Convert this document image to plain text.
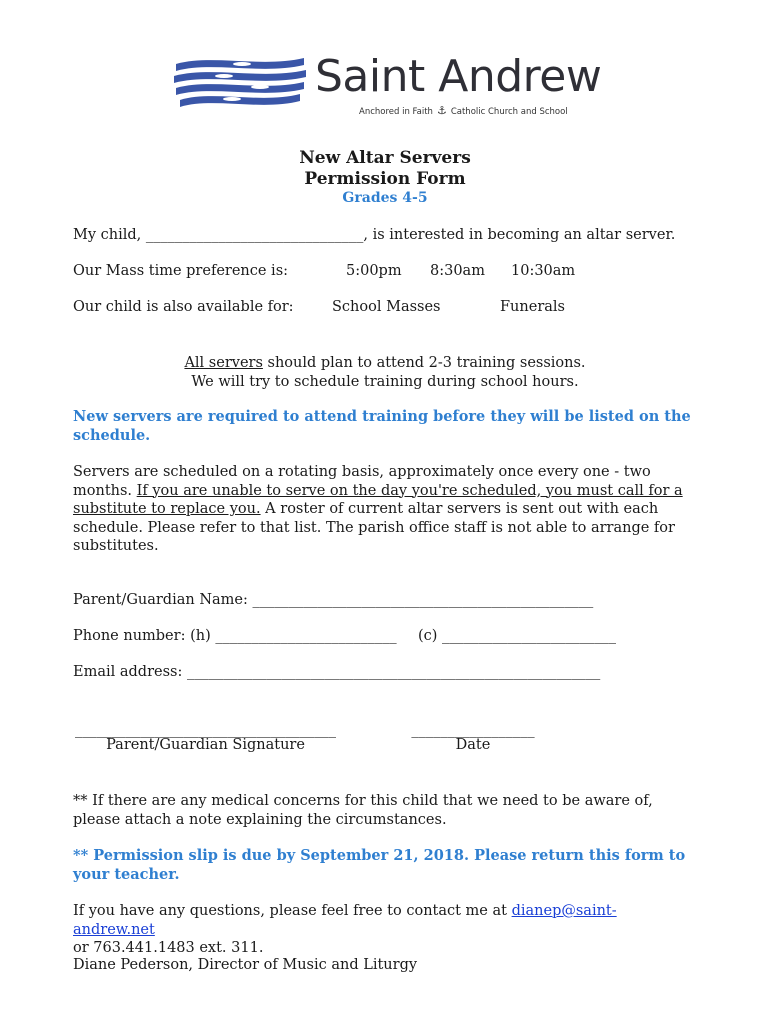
Saint Andrew
Anchored in Faith ⚓ Catholic Church and School
New Altar Servers
Permission Form
Grades 4-5
My child, ______________________________, is interested in becoming an altar server.
Our Mass time preference is:	5:00pm 8:30am 10:30am
Our child is also available for:	School Masses	Funerals
All servers should plan to attend 2-3 training sessions.
We will try to schedule training during school hours.
New servers are required to attend training before they will be listed on the schedule.
Servers are scheduled on a rotating basis, approximately once every one - two months. If you are unable to serve on the day you're scheduled, you must call for a substitute to replace you. A roster of current altar servers is sent out with each schedule. Please refer to that list. The parish office staff is not able to arrange for substitutes.
Parent/Guardian Name: _______________________________________________
Phone number: (h) _________________________ (c) ________________________
Email address: _________________________________________________________
____________________________________
Parent/Guardian Signature
_________________
Date
** If there are any medical concerns for this child that we need to be aware of, please attach a note explaining the circumstances.
** Permission slip is due by September 21, 2018. Please return this form to your teacher.
If you have any questions, please feel free to contact me at dianep@saint-andrew.net
or 763.441.1483 ext. 311.
Diane Pederson, Director of Music and Liturgy
